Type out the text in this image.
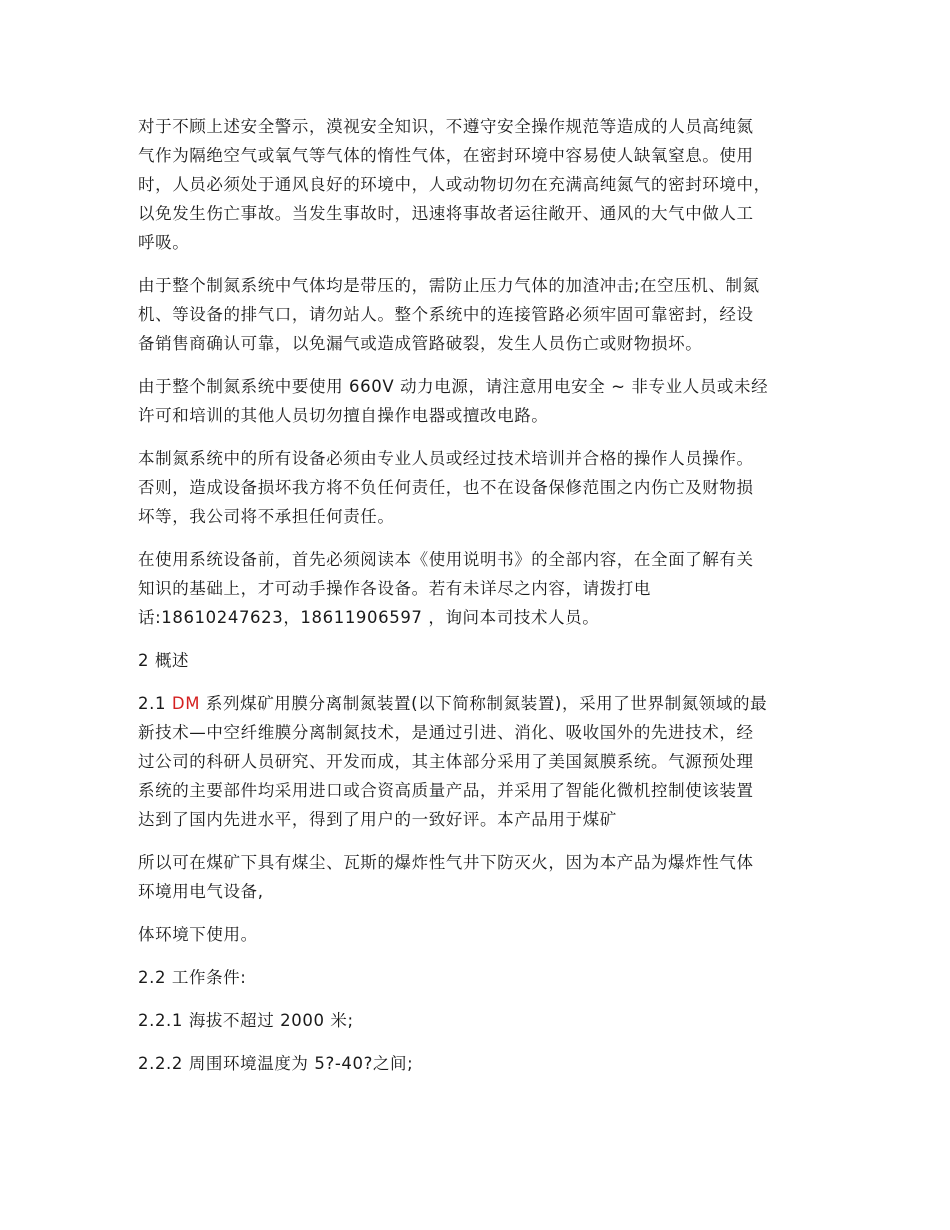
对于不顾上述安全警示，漠视安全知识，不遵守安全操作规范等造成的人员高纯氮
气作为隔绝空气或氧气等气体的惰性气体，在密封环境中容易使人缺氧窒息。使用
时，人员必须处于通风良好的环境中，人或动物切勿在充满高纯氮气的密封环境中，
以免发生伤亡事故。当发生事故时，迅速将事故者运往敞开、通风的大气中做人工
呼吸。

由于整个制氮系统中气体均是带压的，需防止压力气体的加渣冲击;在空压机、制氮
机、等设备的排气口，请勿站人。整个系统中的连接管路必须牢固可靠密封，经设
备销售商确认可靠，以免漏气或造成管路破裂，发生人员伤亡或财物损坏。

由于整个制氮系统中要使用 660V 动力电源，请注意用电安全 ~ 非专业人员或未经
许可和培训的其他人员切勿擅自操作电器或擅改电路。

本制氮系统中的所有设备必须由专业人员或经过技术培训并合格的操作人员操作。
否则，造成设备损坏我方将不负任何责任，也不在设备保修范围之内伤亡及财物损
坏等，我公司将不承担任何责任。

在使用系统设备前，首先必须阅读本《使用说明书》的全部内容，在全面了解有关
知识的基础上，才可动手操作各设备。若有未详尽之内容，请拨打电
话:18610247623，18611906597 ，询问本司技术人员。

2 概述

2.1 DM 系列煤矿用膜分离制氮装置(以下简称制氮装置)，采用了世界制氮领域的最
新技术—中空纤维膜分离制氮技术，是通过引进、消化、吸收国外的先进技术，经
过公司的科研人员研究、开发而成，其主体部分采用了美国氮膜系统。气源预处理
系统的主要部件均采用进口或合资高质量产品，并采用了智能化微机控制使该装置
达到了国内先进水平，得到了用户的一致好评。本产品用于煤矿

所以可在煤矿下具有煤尘、瓦斯的爆炸性气井下防灭火，因为本产品为爆炸性气体
环境用电气设备,

体环境下使用。

2.2 工作条件:

2.2.1 海拔不超过 2000 米;

2.2.2 周围环境温度为 5?-40?之间;
